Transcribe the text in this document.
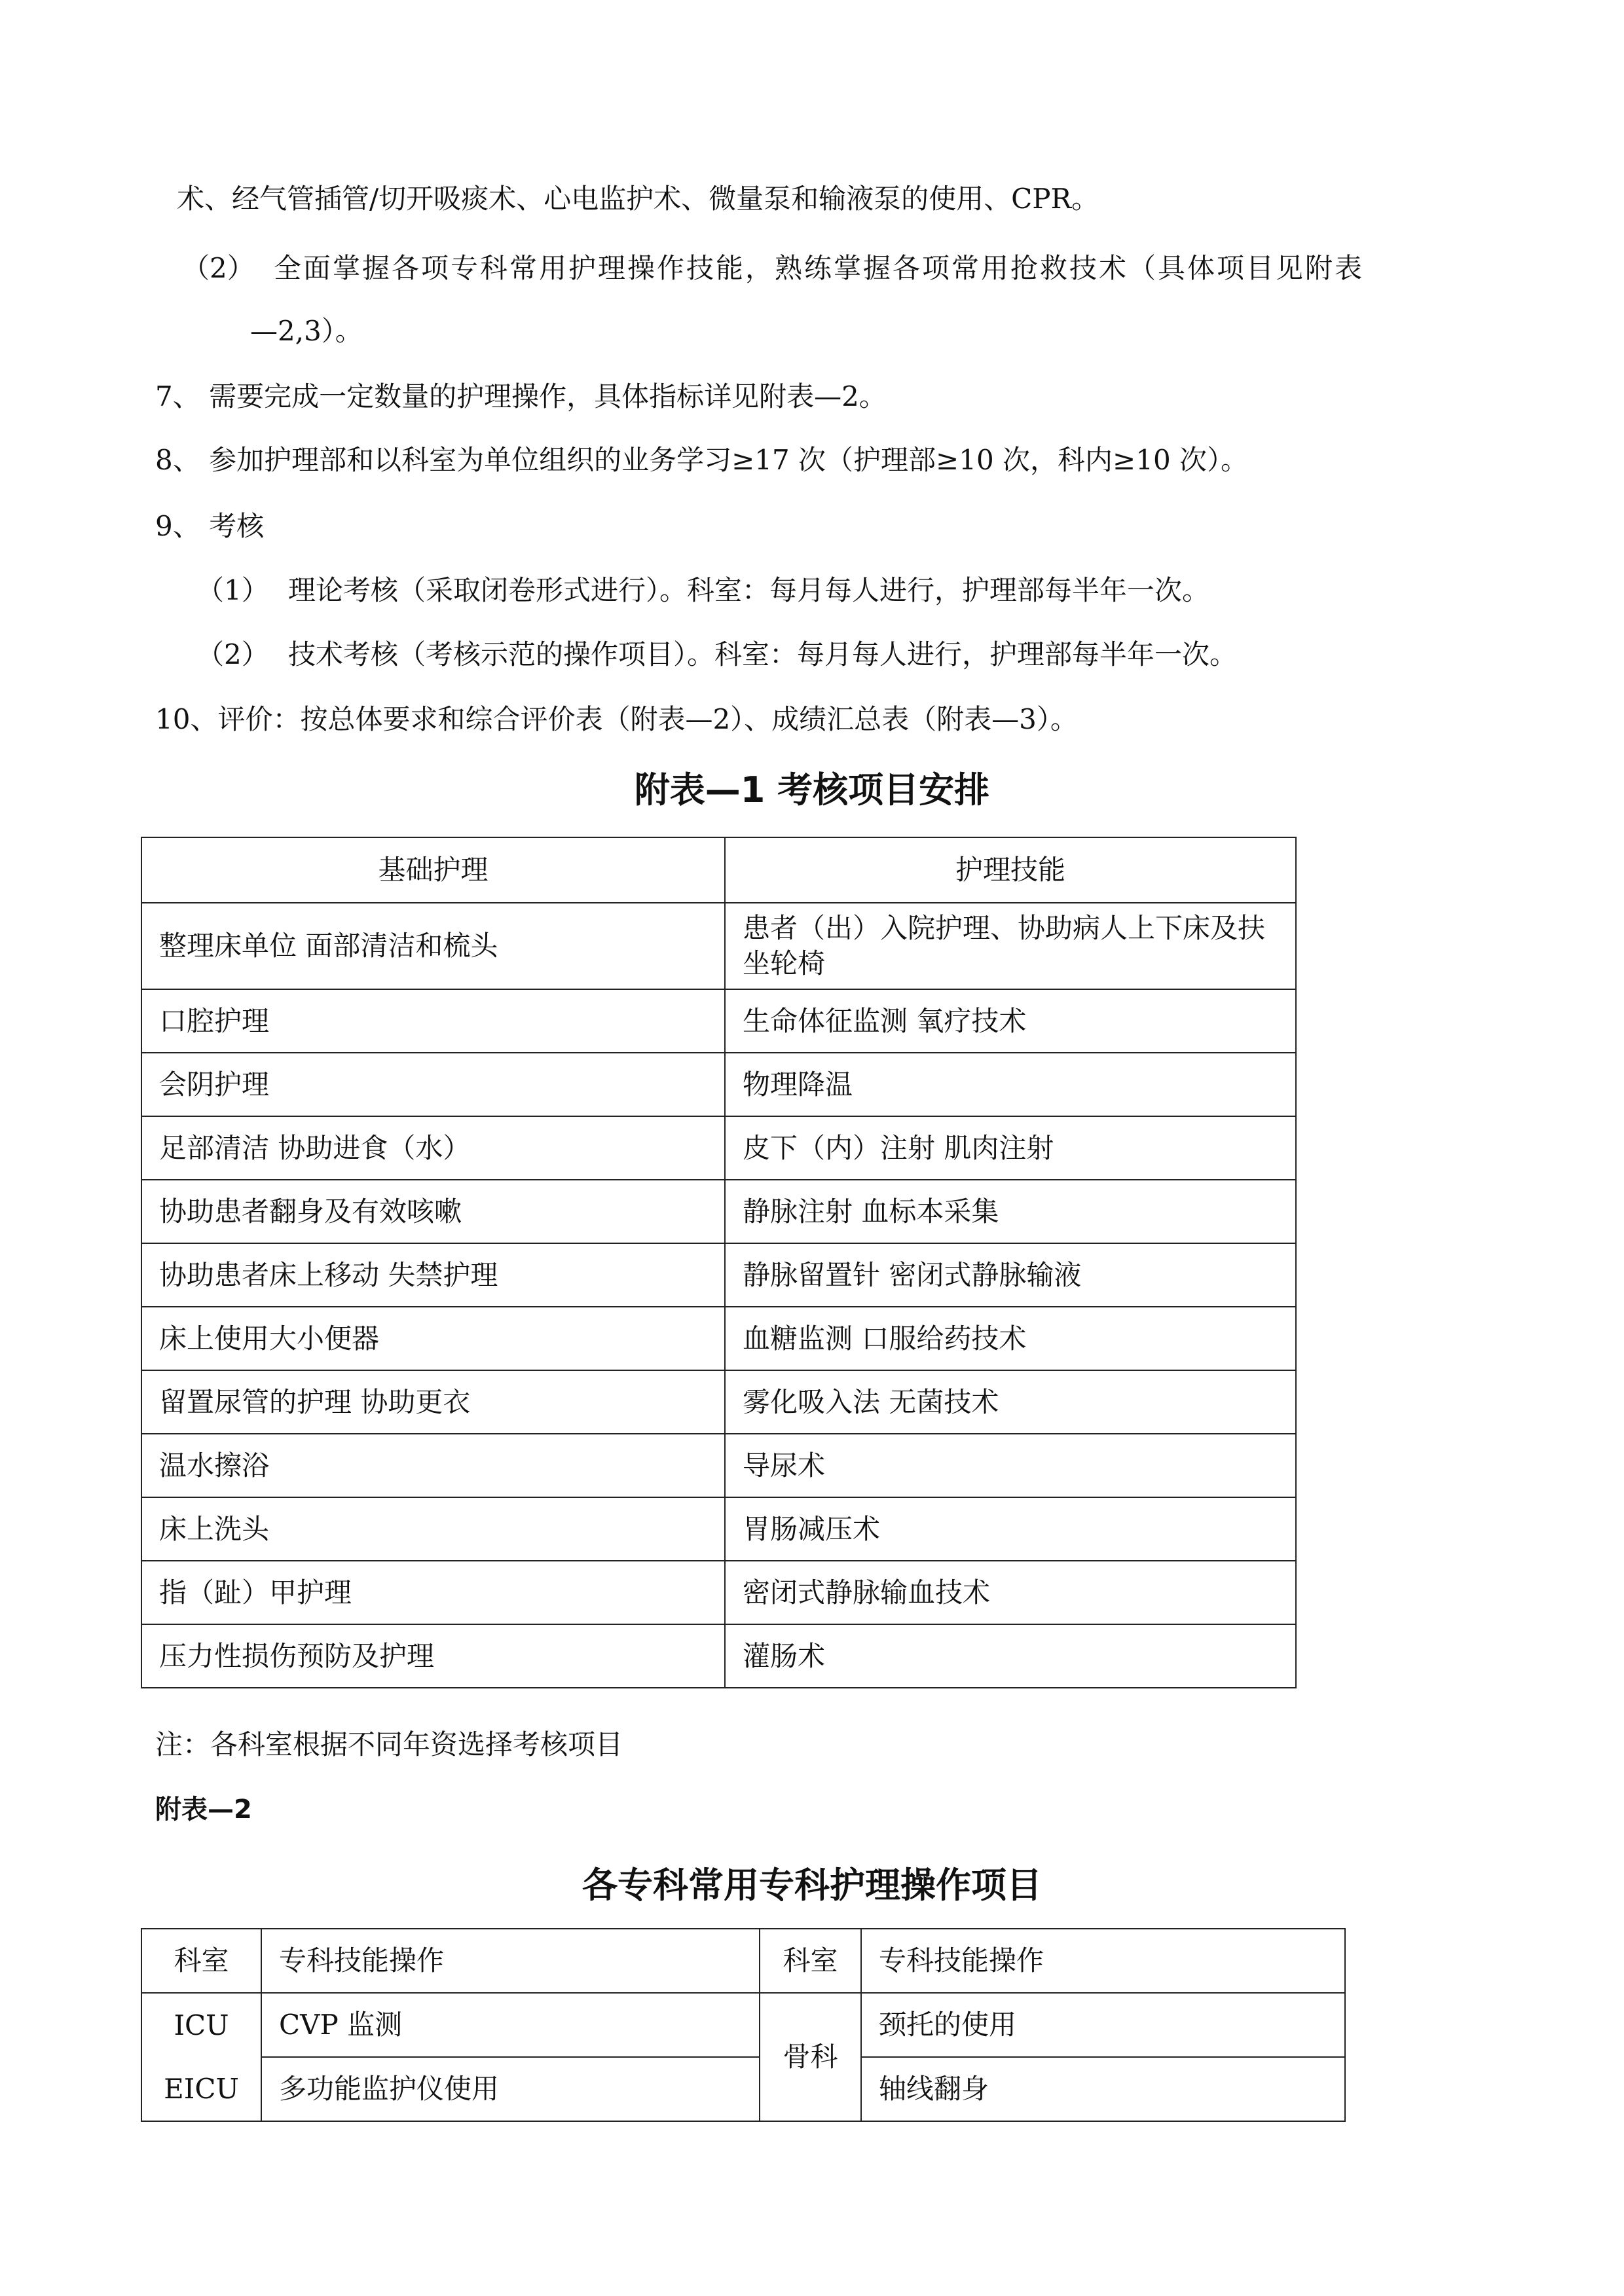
术、经气管插管/切开吸痰术、心电监护术、微量泵和输液泵的使用、CPR。
（2） 全面掌握各项专科常用护理操作技能，熟练掌握各项常用抢救技术（具体项目见附表
—2,3）。
7、 需要完成一定数量的护理操作，具体指标详见附表—2。
8、 参加护理部和以科室为单位组织的业务学习≥17 次（护理部≥10 次，科内≥10 次）。
9、 考核
（1） 理论考核（采取闭卷形式进行）。科室：每月每人进行，护理部每半年一次。
（2） 技术考核（考核示范的操作项目）。科室：每月每人进行，护理部每半年一次。
10、评价：按总体要求和综合评价表（附表—2）、成绩汇总表（附表—3）。
附表—1 考核项目安排
基础护理	护理技能
整理床单位 面部清洁和梳头	患者（出）入院护理、协助病人上下床及扶坐轮椅
口腔护理	生命体征监测 氧疗技术
会阴护理	物理降温
足部清洁 协助进食（水）	皮下（内）注射 肌肉注射
协助患者翻身及有效咳嗽	静脉注射 血标本采集
协助患者床上移动 失禁护理	静脉留置针 密闭式静脉输液
床上使用大小便器	血糖监测 口服给药技术
留置尿管的护理 协助更衣	雾化吸入法 无菌技术
温水擦浴	导尿术
床上洗头	胃肠减压术
指（趾）甲护理	密闭式静脉输血技术
压力性损伤预防及护理	灌肠术
注：各科室根据不同年资选择考核项目
附表—2
各专科常用专科护理操作项目
科室	专科技能操作	科室	专科技能操作
ICU	CVP 监测	骨科	颈托的使用
EICU	多功能监护仪使用		轴线翻身
